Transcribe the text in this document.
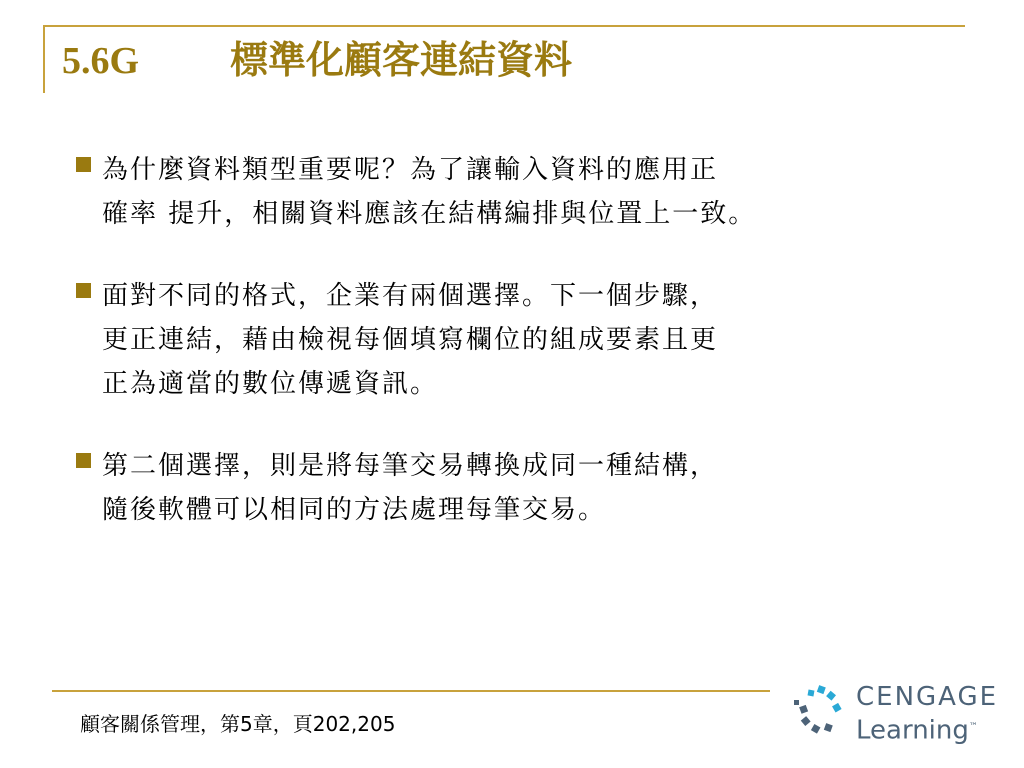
5.6G 標準化顧客連結資料
為什麼資料類型重要呢？為了讓輸入資料的應用正
確率 提升，相關資料應該在結構編排與位置上一致。
面對不同的格式，企業有兩個選擇。下一個步驟，
更正連結，藉由檢視每個填寫欄位的組成要素且更
正為適當的數位傳遞資訊。
第二個選擇，則是將每筆交易轉換成同一種結構，
隨後軟體可以相同的方法處理每筆交易。
顧客關係管理，第5章，頁202,205
CENGAGE
Learning™
